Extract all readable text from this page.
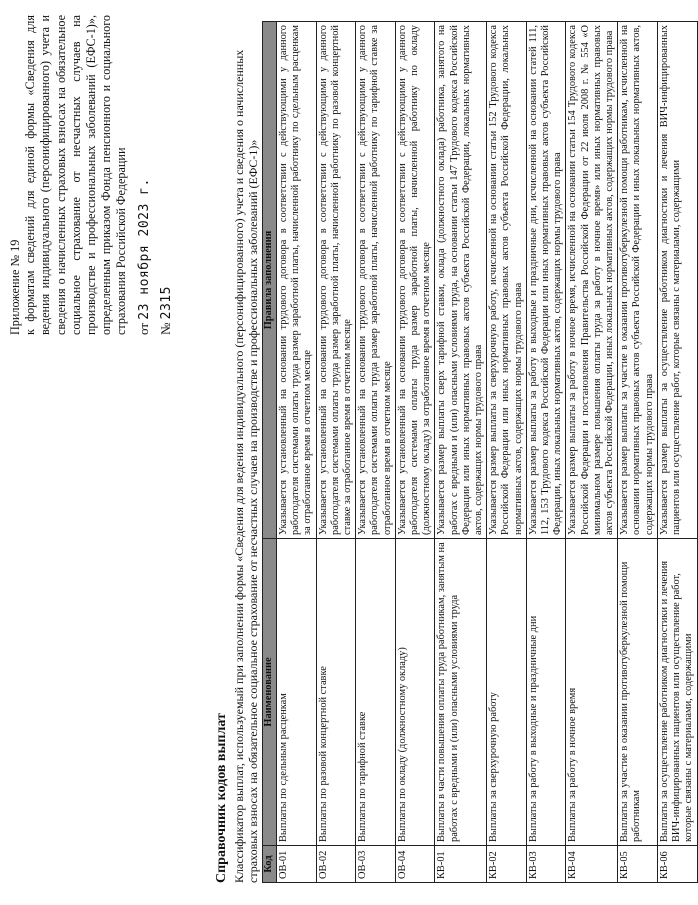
Приложение № 19 к форматам сведений для единой формы «Сведения для ведения индивидуального (персонифицированного) учета и сведения о начисленных страховых взносах на обязательное социальное страхование от несчастных случаев на производстве и профессиональных заболеваний (ЕФС-1)», определенным приказом Фонда пенсионного и социального страхования Российской Федерации от 23 ноября 2023 г.
№ 2315
Справочник кодов выплат Классификатор выплат, используемый при заполнении формы «Сведения для ведения индивидуального (персонифицированного) учета и сведения о начисленных страховых взносах на обязательное социальное страхование от несчастных случаев на производстве и профессиональных заболеваний (ЕФС-1)» Код	Наименование	Правила заполнения
ОВ-01	Выплаты по сдельным расценкам	Указывается установленный на основании трудового договора в соответствии с действующими у данного работодателя системами оплаты труда размер заработной платы, начисленной работнику по сдельным расценкам за отработанное время в отчетном месяце
ОВ-02	Выплаты по разовой концертной ставке	Указывается установленный на основании трудового договора в соответствии с действующими у данного работодателя системами оплаты труда размер заработной платы, начисленной работнику по разовой концертной ставке за отработанное время в отчетном месяце
ОВ-03	Выплаты по тарифной ставке	Указывается установленный на основании трудового договора в соответствии с действующими у данного работодателя системами оплаты труда размер заработной платы, начисленной работнику по тарифной ставке за отработанное время в отчетном месяце
ОВ-04	Выплаты по окладу (должностному окладу)	Указывается установленный на основании трудового договора в соответствии с действующими у данного работодателя системами оплаты труда размер заработной платы, начисленной работнику по окладу (должностному окладу) за отработанное время в отчетном месяце
КВ-01	Выплаты в части повышения оплаты труда работникам, занятым на работах с вредными и (или) опасными условиями труда	Указывается размер выплаты сверх тарифной ставки, оклада (должностного оклада) работника, занятого на работах с вредными и (или) опасными условиями труда, на основании статьи 147 Трудового кодекса Российской Федерации или иных нормативных правовых актов субъекта Российской Федерации, локальных нормативных актов, содержащих нормы трудового права
КВ-02	Выплаты за сверхурочную работу	Указывается размер выплаты за сверхурочную работу, исчисленной на основании статьи 152 Трудового кодекса Российской Федерации или иных нормативных правовых актов субъекта Российской Федерации, локальных нормативных актов, содержащих нормы трудового права
КВ-03	Выплаты за работу в выходные и праздничные дни	Указывается размер выплаты за работу в выходные и праздничные дни, исчисленной на основании статей 111, 112, 153 Трудового кодекса Российской Федерации или иных нормативных правовых актов субъекта Российской Федерации, иных локальных нормативных актов, содержащих нормы трудового права
КВ-04	Выплаты за работу в ночное время	Указывается размер выплаты за работу в ночное время, исчисленной на основании статьи 154 Трудового кодекса Российской Федерации и постановления Правительства Российской Федерации от 22 июля 2008 г. № 554 «О минимальном размере повышения оплаты труда за работу в ночное время» или иных нормативных правовых актов субъекта Российской Федерации, иных локальных нормативных актов, содержащих нормы трудового права
КВ-05	Выплаты за участие в оказании противотуберкулезной помощи работникам	Указывается размер выплаты за участие в оказании противотуберкулезной помощи работникам, исчисленной на основании нормативных правовых актов субъекта Российской Федерации и иных локальных нормативных актов, содержащих нормы трудового права
КВ-06	Выплаты за осуществление работником диагностики и лечения ВИЧ-инфицированных пациентов или осуществление работ, которые связаны с материалами, содержащими	Указывается размер выплаты за осуществление работником диагностики и лечения ВИЧ-инфицированных пациентов или осуществление работ, которые связаны с материалами, содержащими
